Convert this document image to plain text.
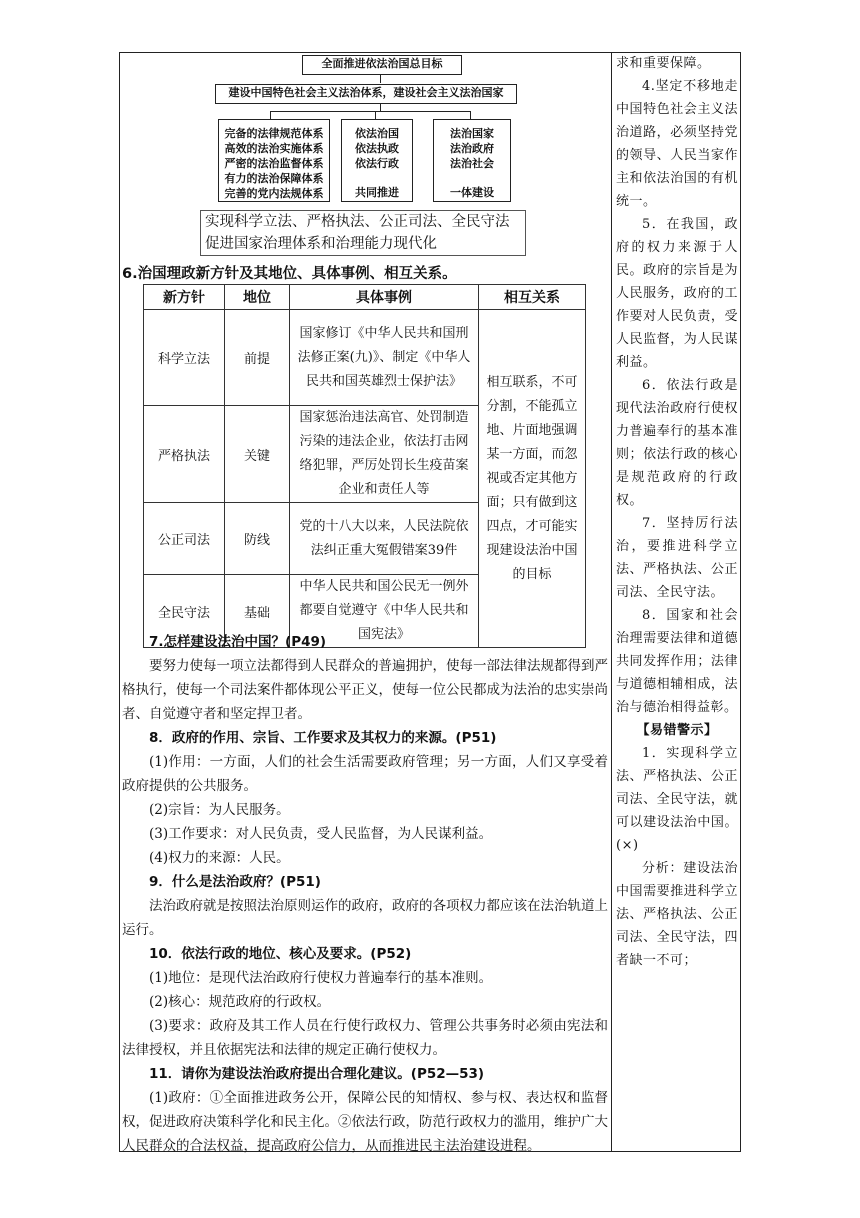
全面推进依法治国总目标
建设中国特色社会主义法治体系，建设社会主义法治国家
完备的法律规范体系
高效的法治实施体系
严密的法治监督体系
有力的法治保障体系
完善的党内法规体系
依法治国
依法执政
依法行政
共同推进
法治国家
法治政府
法治社会
一体建设
实现科学立法、严格执法、公正司法、全民守法
促进国家治理体系和治理能力现代化
6.治国理政新方针及其地位、具体事例、相互关系。
新方针	地位	具体事例	相互关系
科学立法	前提	国家修订《中华人民共和国刑法修正案(九)》、制定《中华人民共和国英雄烈士保护法》	相互联系，不可分割，不能孤立地、片面地强调某一方面，而忽视或否定其他方面；只有做到这四点，才可能实现建设法治中国的目标
严格执法	关键	国家惩治违法高官、处罚制造污染的违法企业，依法打击网络犯罪，严厉处罚长生疫苗案企业和责任人等	
公正司法	防线	党的十八大以来，人民法院依法纠正重大冤假错案39件	
全民守法	基础	中华人民共和国公民无一例外都要自觉遵守《中华人民共和国宪法》	

7.怎样建设法治中国？(P49)

要努力使每一项立法都得到人民群众的普遍拥护，使每一部法律法规都得到严格执行，使每一个司法案件都体现公平正义，使每一位公民都成为法治的忠实崇尚者、自觉遵守者和坚定捍卫者。

8．政府的作用、宗旨、工作要求及其权力的来源。(P51)

(1)作用：一方面，人们的社会生活需要政府管理；另一方面，人们又享受着政府提供的公共服务。

(2)宗旨：为人民服务。

(3)工作要求：对人民负责，受人民监督，为人民谋利益。

(4)权力的来源：人民。

9．什么是法治政府？(P51)

法治政府就是按照法治原则运作的政府，政府的各项权力都应该在法治轨道上运行。

10．依法行政的地位、核心及要求。(P52)

(1)地位：是现代法治政府行使权力普遍奉行的基本准则。

(2)核心：规范政府的行政权。

(3)要求：政府及其工作人员在行使行政权力、管理公共事务时必须由宪法和法律授权，并且依据宪法和法律的规定正确行使权力。

11．请你为建设法治政府提出合理化建议。(P52—53)

(1)政府：①全面推进政务公开，保障公民的知情权、参与权、表达权和监督权，促进政府决策科学化和民主化。②依法行政，防范行政权力的滥用，维护广大人民群众的合法权益，提高政府公信力，从而推进民主法治建设进程。

求和重要保障。

4.坚定不移地走中国特色社会主义法治道路，必须坚持党的领导、人民当家作主和依法治国的有机统一。

5．在我国，政府的权力来源于人民。政府的宗旨是为人民服务，政府的工作要对人民负责，受人民监督，为人民谋利益。

6．依法行政是现代法治政府行使权力普遍奉行的基本准则；依法行政的核心是规范政府的行政权。

7．坚持厉行法治，要推进科学立法、严格执法、公正司法、全民守法。

8．国家和社会治理需要法律和道德共同发挥作用；法律与道德相辅相成，法治与德治相得益彰。

【易错警示】

1．实现科学立法、严格执法、公正司法、全民守法，就可以建设法治中国。(×)

分析：建设法治中国需要推进科学立法、严格执法、公正司法、全民守法，四者缺一不可；
